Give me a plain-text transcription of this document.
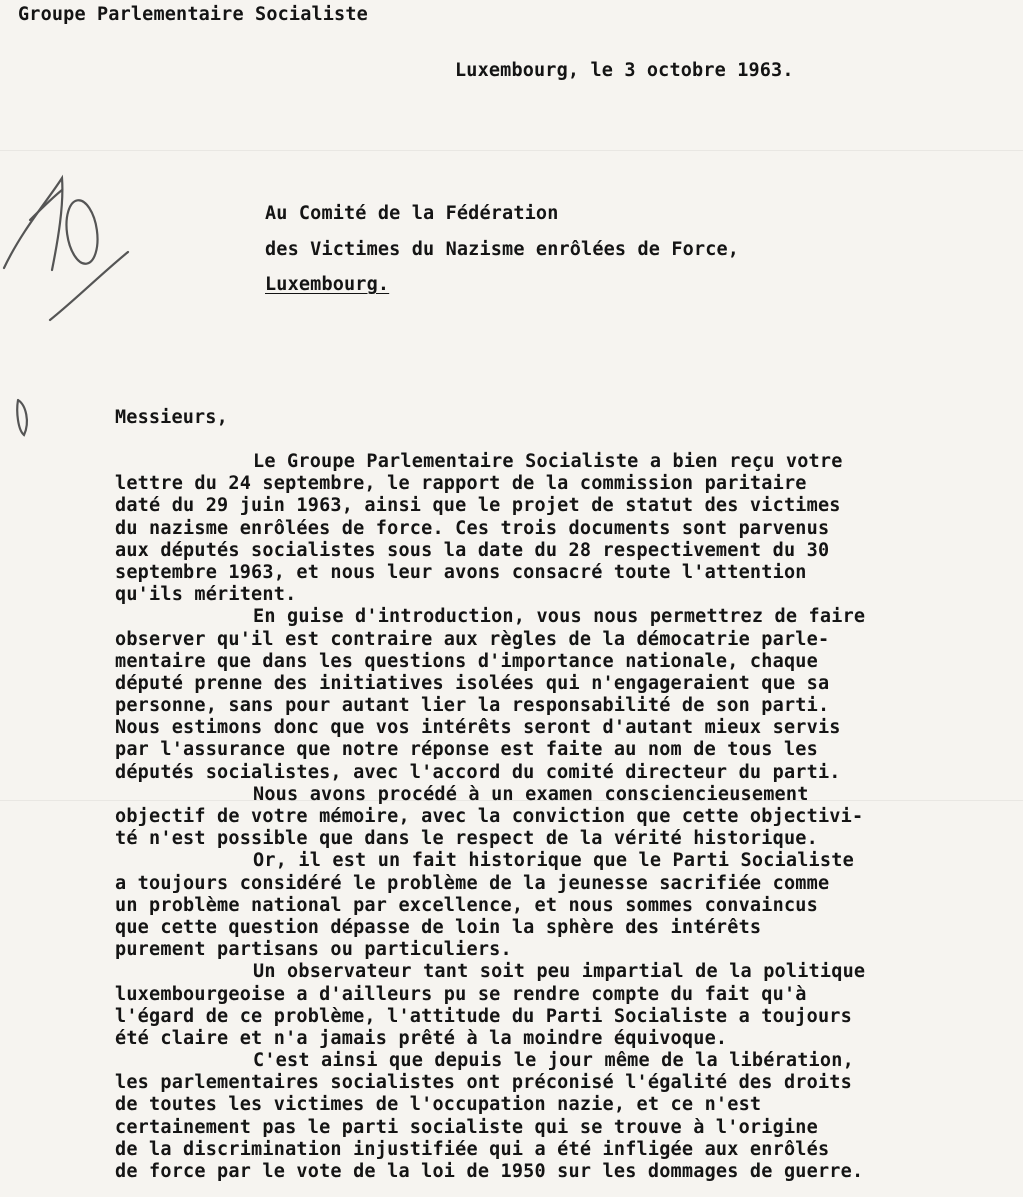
Groupe Parlementaire Socialiste
Luxembourg, le 3 octobre 1963.
Au Comité de la Fédération
des Victimes du Nazisme enrôlées de Force,
Luxembourg.
Messieurs,
Le Groupe Parlementaire Socialiste a bien reçu votre
lettre du 24 septembre, le rapport de la commission paritaire
daté du 29 juin 1963, ainsi que le projet de statut des victimes
du nazisme enrôlées de force. Ces trois documents sont parvenus
aux députés socialistes sous la date du 28 respectivement du 30
septembre 1963, et nous leur avons consacré toute l'attention
qu'ils méritent.
En guise d'introduction, vous nous permettrez de faire
observer qu'il est contraire aux règles de la démocatrie parle-
mentaire que dans les questions d'importance nationale, chaque
député prenne des initiatives isolées qui n'engageraient que sa
personne, sans pour autant lier la responsabilité de son parti.
Nous estimons donc que vos intérêts seront d'autant mieux servis
par l'assurance que notre réponse est faite au nom de tous les
députés socialistes, avec l'accord du comité directeur du parti.
Nous avons procédé à un examen consciencieusement
objectif de votre mémoire, avec la conviction que cette objectivi-
té n'est possible que dans le respect de la vérité historique.
Or, il est un fait historique que le Parti Socialiste
a toujours considéré le problème de la jeunesse sacrifiée comme
un problème national par excellence, et nous sommes convaincus
que cette question dépasse de loin la sphère des intérêts
purement partisans ou particuliers.
Un observateur tant soit peu impartial de la politique
luxembourgeoise a d'ailleurs pu se rendre compte du fait qu'à
l'égard de ce problème, l'attitude du Parti Socialiste a toujours
été claire et n'a jamais prêté à la moindre équivoque.
C'est ainsi que depuis le jour même de la libération,
les parlementaires socialistes ont préconisé l'égalité des droits
de toutes les victimes de l'occupation nazie, et ce n'est
certainement pas le parti socialiste qui se trouve à l'origine
de la discrimination injustifiée qui a été infligée aux enrôlés
de force par le vote de la loi de 1950 sur les dommages de guerre.
